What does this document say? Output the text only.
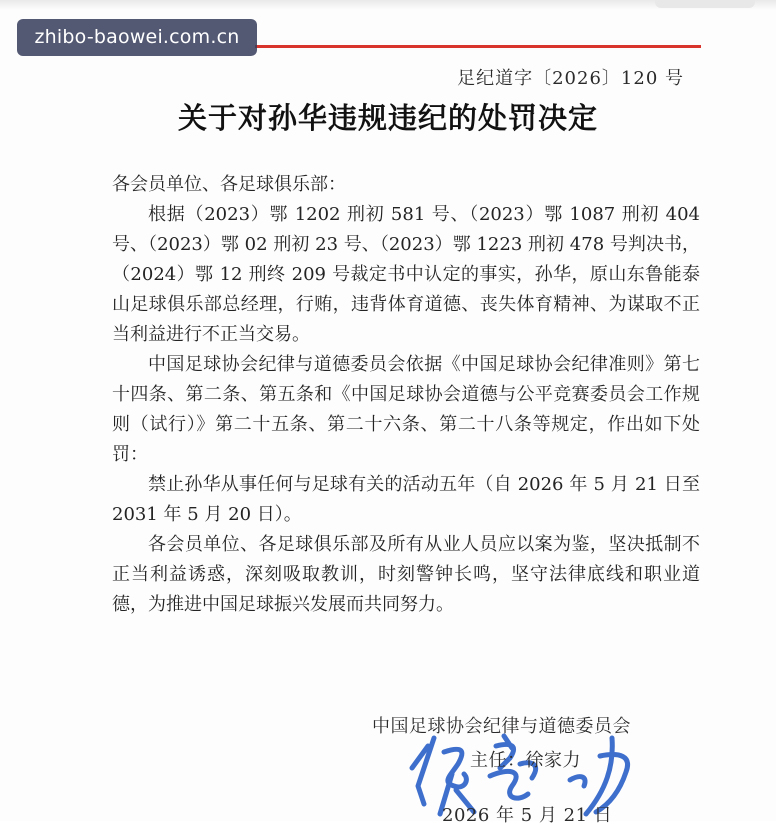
足纪道字〔2026〕120 号
关于对孙华违规违纪的处罚决定

各会员单位、各足球俱乐部：

根据（2023）鄂 1202 刑初 581 号、（2023）鄂 1087 刑初 404 号、（2023）鄂 02 刑初 23 号、（2023）鄂 1223 刑初 478 号判决书，（2024）鄂 12 刑终 209 号裁定书中认定的事实，孙华，原山东鲁能泰山足球俱乐部总经理，行贿，违背体育道德、丧失体育精神、为谋取不正当利益进行不正当交易。

中国足球协会纪律与道德委员会依据《中国足球协会纪律准则》第七十四条、第二条、第五条和《中国足球协会道德与公平竞赛委员会工作规则（试行）》第二十五条、第二十六条、第二十八条等规定，作出如下处罚：

禁止孙华从事任何与足球有关的活动五年（自 2026 年 5 月 21 日至 2031 年 5 月 20 日）。

各会员单位、各足球俱乐部及所有从业人员应以案为鉴，坚决抵制不正当利益诱惑，深刻吸取教训，时刻警钟长鸣，坚守法律底线和职业道德，为推进中国足球振兴发展而共同努力。

中国足球协会纪律与道德委员会
主任：徐家力
2026 年 5 月 21 日
zhibo-baowei.com.cn
